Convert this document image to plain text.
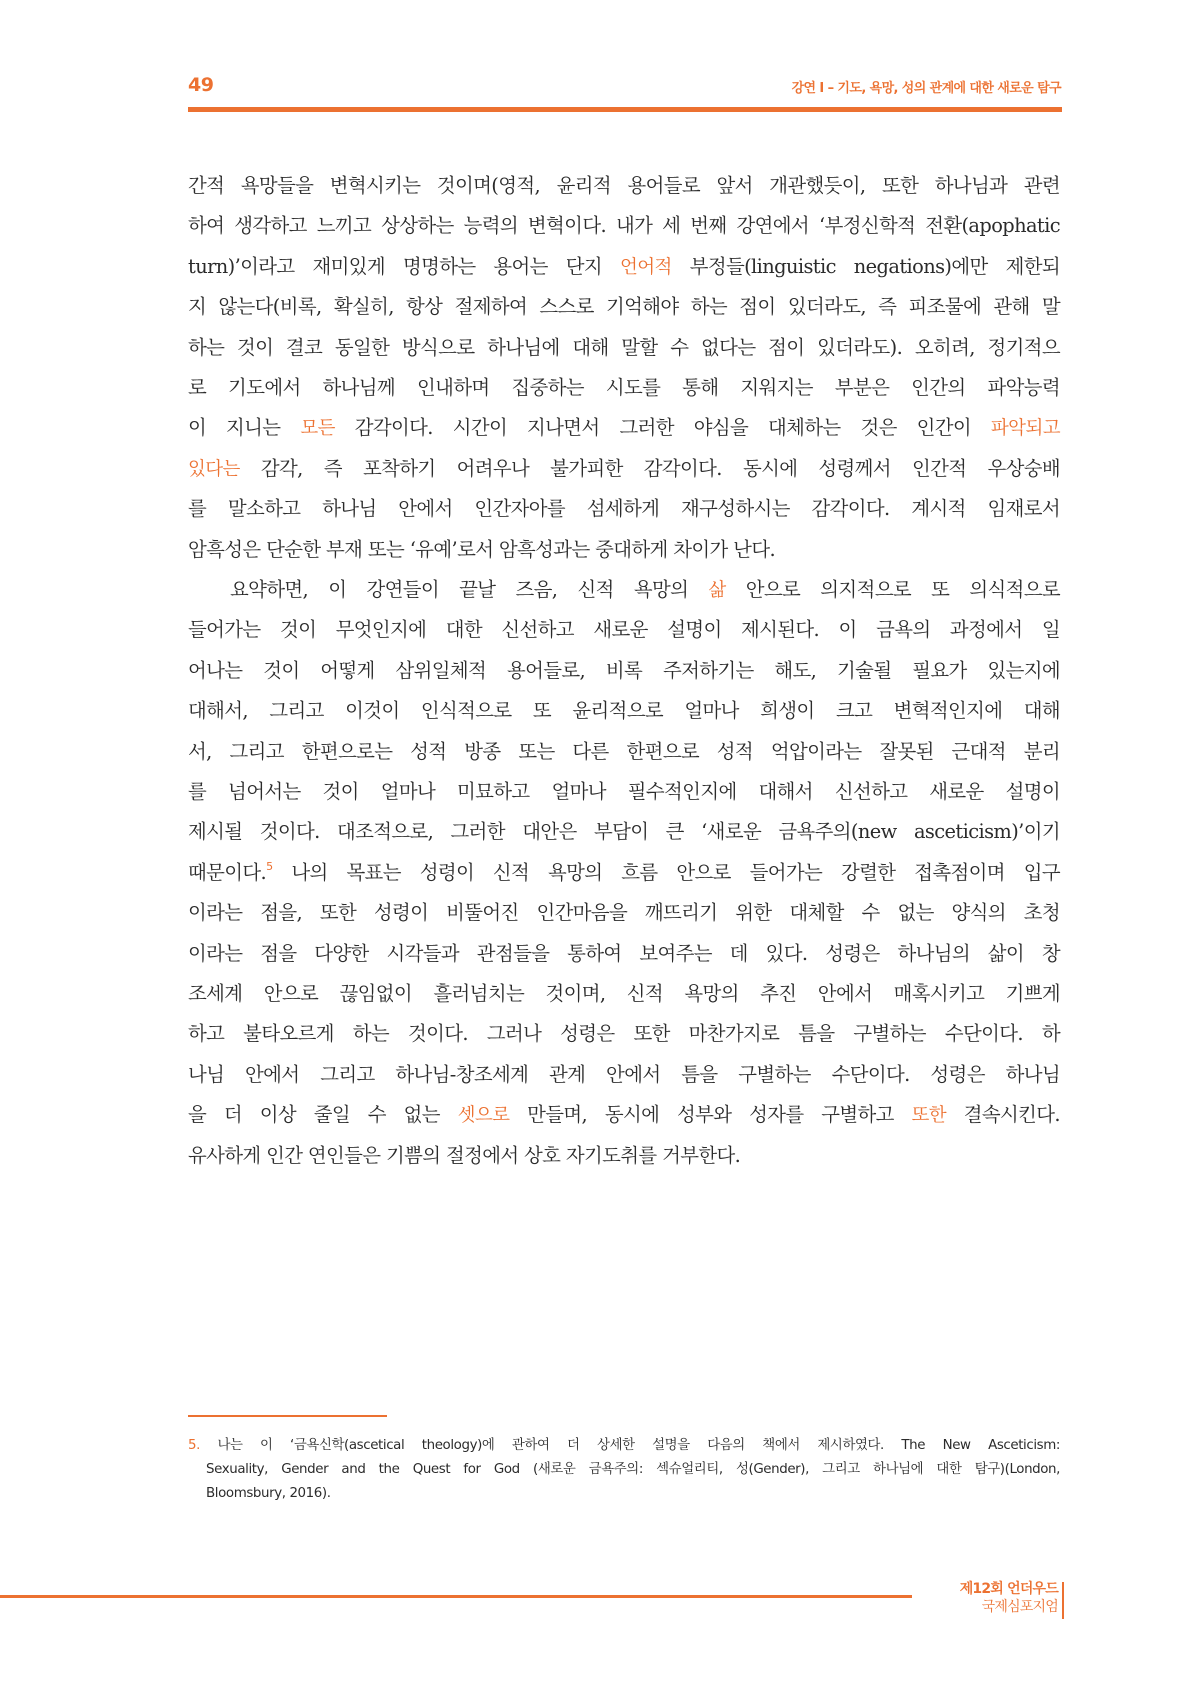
49	강연 I – 기도, 욕망, 성의 관계에 대한 새로운 탐구
간적 욕망들을 변혁시키는 것이며(영적, 윤리적 용어들로 앞서 개관했듯이, 또한 하나님과 관련
하여 생각하고 느끼고 상상하는 능력의 변혁이다. 내가 세 번째 강연에서 ‘부정신학적 전환(apophatic
turn)’이라고 재미있게 명명하는 용어는 단지 언어적 부정들(linguistic negations)에만 제한되
지 않는다(비록, 확실히, 항상 절제하여 스스로 기억해야 하는 점이 있더라도, 즉 피조물에 관해 말
하는 것이 결코 동일한 방식으로 하나님에 대해 말할 수 없다는 점이 있더라도). 오히려, 정기적으
로 기도에서 하나님께 인내하며 집중하는 시도를 통해 지워지는 부분은 인간의 파악능력
이 지니는 모든 감각이다. 시간이 지나면서 그러한 야심을 대체하는 것은 인간이 파악되고
있다는 감각, 즉 포착하기 어려우나 불가피한 감각이다. 동시에 성령께서 인간적 우상숭배
를 말소하고 하나님 안에서 인간자아를 섬세하게 재구성하시는 감각이다. 계시적 임재로서
암흑성은 단순한 부재 또는 ‘유예’로서 암흑성과는 중대하게 차이가 난다.
요약하면, 이 강연들이 끝날 즈음, 신적 욕망의 삶 안으로 의지적으로 또 의식적으로
들어가는 것이 무엇인지에 대한 신선하고 새로운 설명이 제시된다. 이 금욕의 과정에서 일
어나는 것이 어떻게 삼위일체적 용어들로, 비록 주저하기는 해도, 기술될 필요가 있는지에
대해서, 그리고 이것이 인식적으로 또 윤리적으로 얼마나 희생이 크고 변혁적인지에 대해
서, 그리고 한편으로는 성적 방종 또는 다른 한편으로 성적 억압이라는 잘못된 근대적 분리
를 넘어서는 것이 얼마나 미묘하고 얼마나 필수적인지에 대해서 신선하고 새로운 설명이
제시될 것이다. 대조적으로, 그러한 대안은 부담이 큰 ‘새로운 금욕주의(new asceticism)’이기
때문이다.$^5$ 나의 목표는 성령이 신적 욕망의 흐름 안으로 들어가는 강렬한 접촉점이며 입구
이라는 점을, 또한 성령이 비뚤어진 인간마음을 깨뜨리기 위한 대체할 수 없는 양식의 초청
이라는 점을 다양한 시각들과 관점들을 통하여 보여주는 데 있다. 성령은 하나님의 삶이 창
조세계 안으로 끊임없이 흘러넘치는 것이며, 신적 욕망의 추진 안에서 매혹시키고 기쁘게
하고 불타오르게 하는 것이다. 그러나 성령은 또한 마찬가지로 틈을 구별하는 수단이다. 하
나님 안에서 그리고 하나님-창조세계 관계 안에서 틈을 구별하는 수단이다. 성령은 하나님
을 더 이상 줄일 수 없는 셋으로 만들며, 동시에 성부와 성자를 구별하고 또한 결속시킨다.
유사하게 인간 연인들은 기쁨의 절정에서 상호 자기도취를 거부한다.
5. 나는 이 ‘금욕신학(ascetical theology)에 관하여 더 상세한 설명을 다음의 책에서 제시하였다. The New Asceticism:
Sexuality, Gender and the Quest for God (새로운 금욕주의: 섹슈얼리티, 성(Gender), 그리고 하나님에 대한 탐구)(London,
Bloomsbury, 2016).
제12회 언더우드
국제심포지엄
